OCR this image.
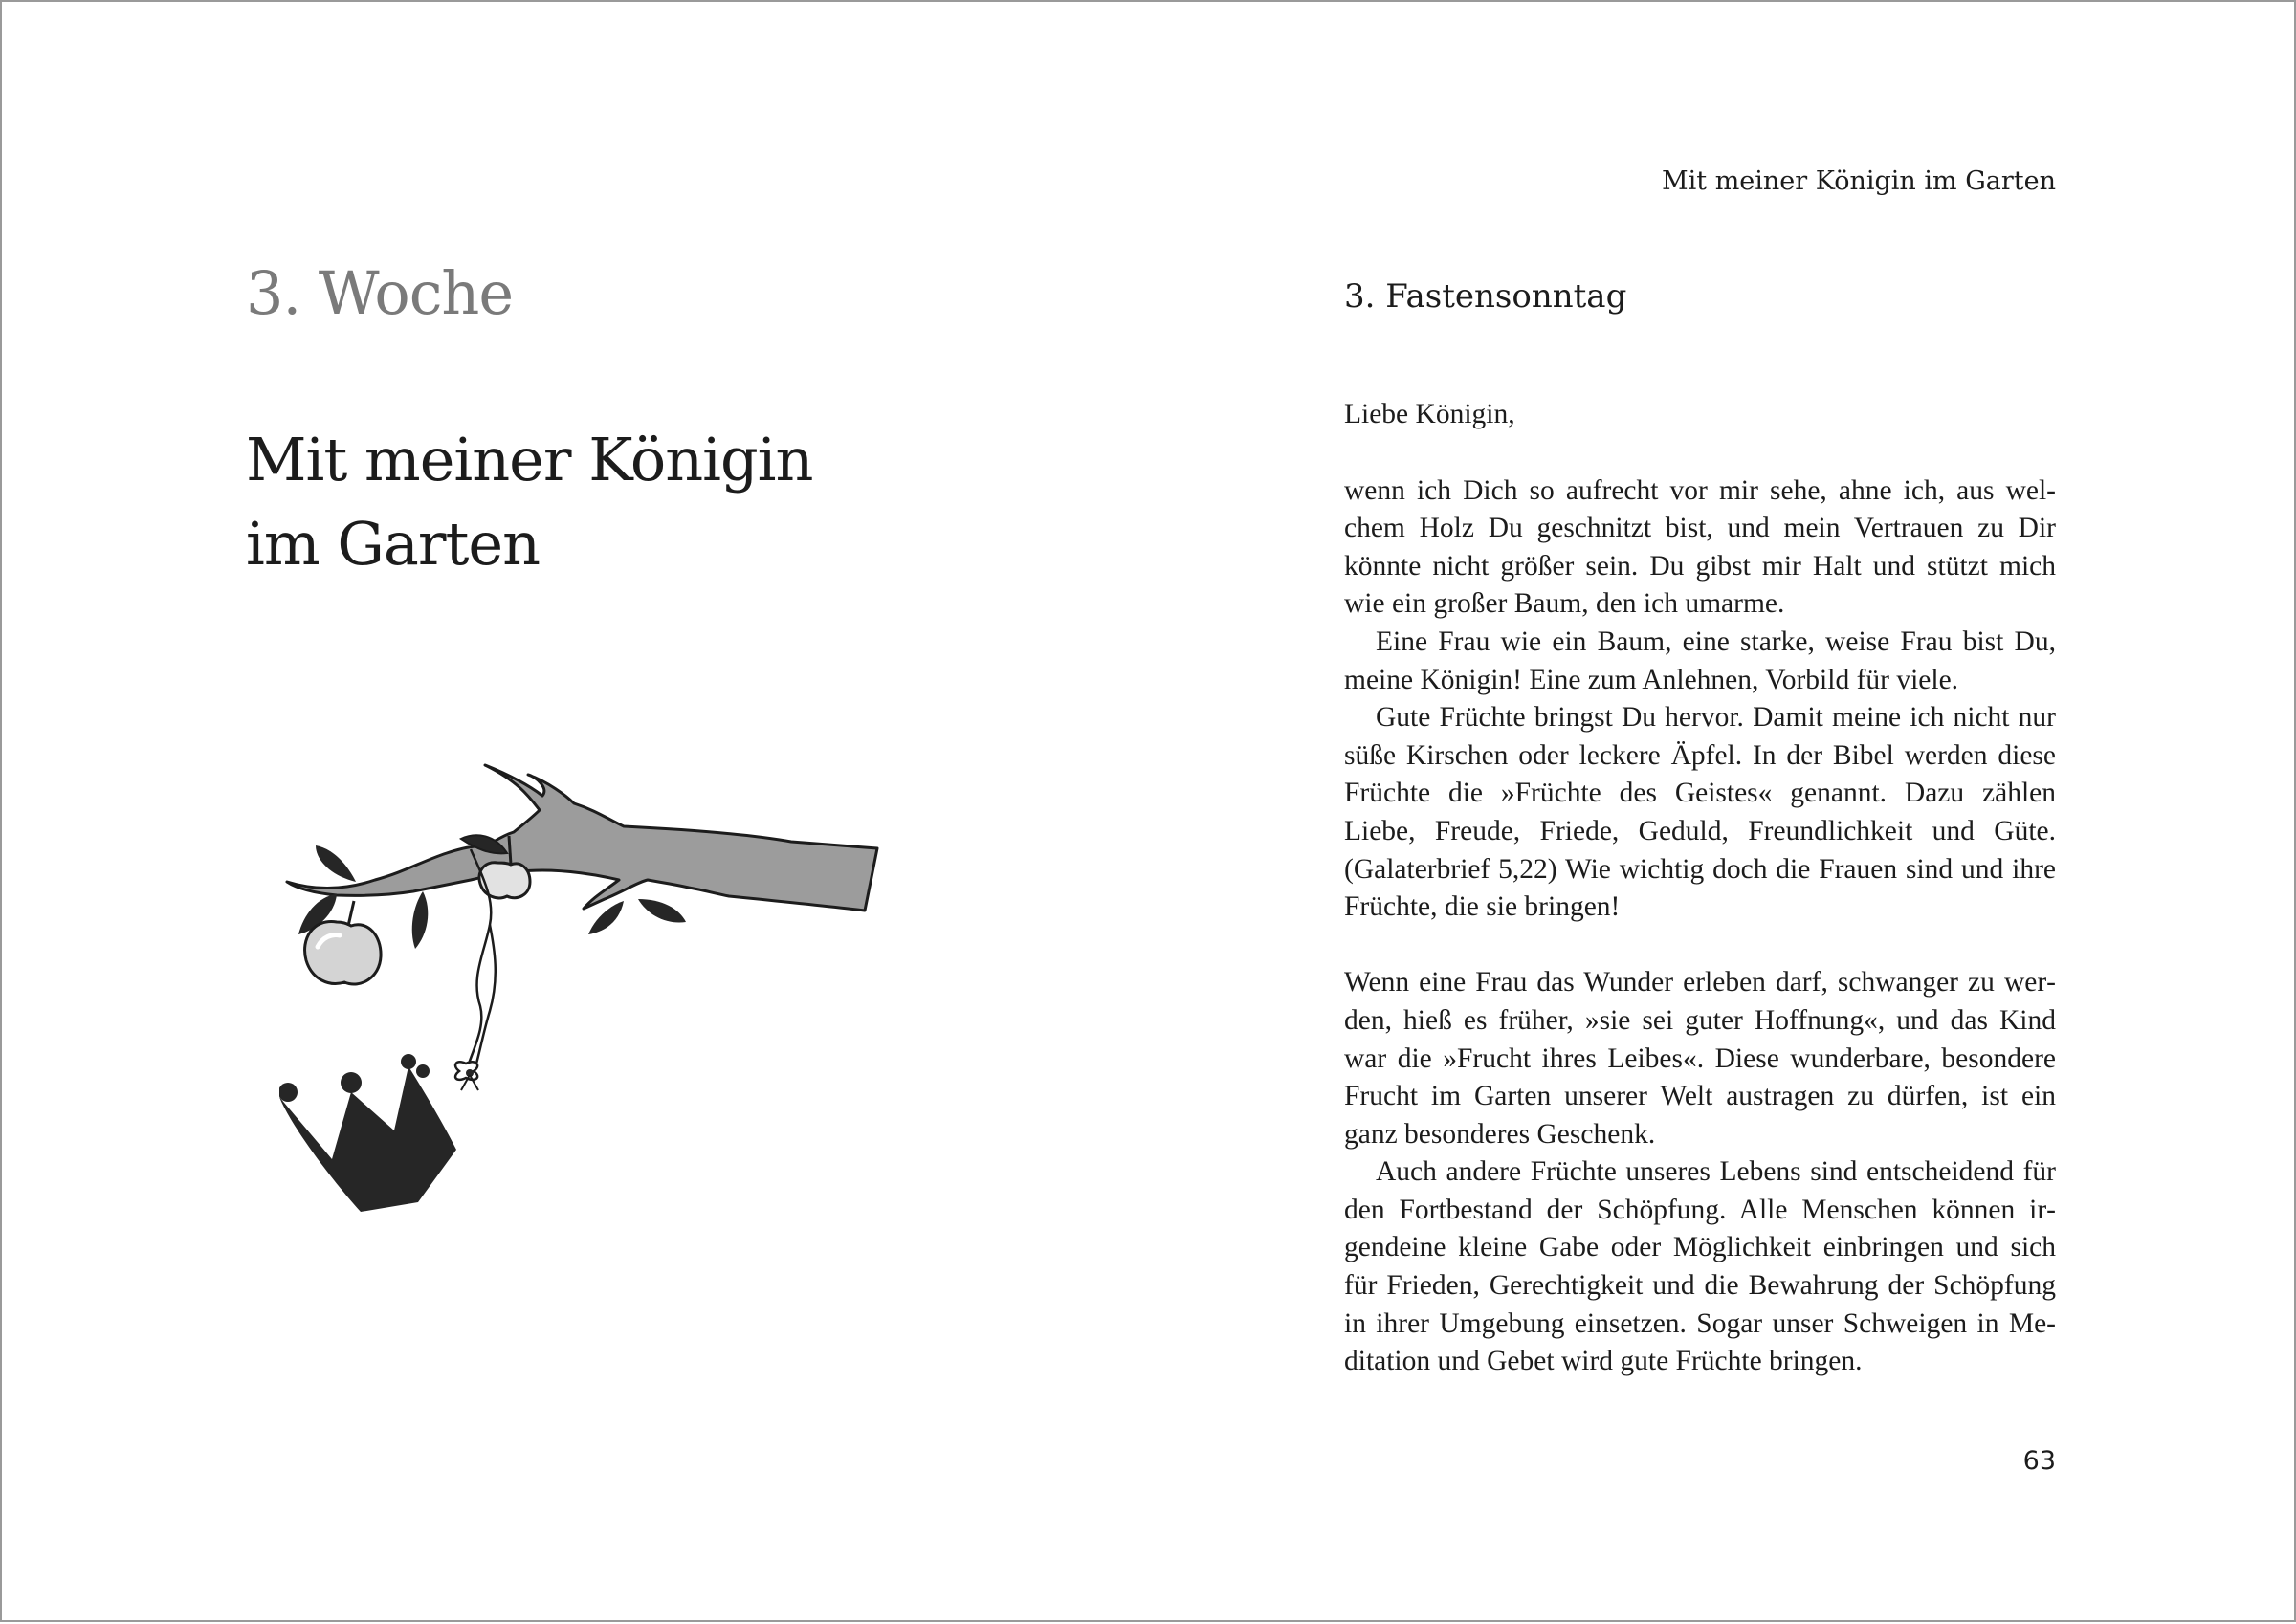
3. Woche
Mit meiner Königin
im Garten
Mit meiner Königin im Garten
3. Fastensonntag

Liebe Königin,

wenn ich Dich so aufrecht vor mir sehe, ahne ich, aus welchem Holz Du geschnitzt bist, und mein Vertrauen zu Dir könnte nicht größer sein. Du gibst mir Halt und stützt mich wie ein großer Baum, den ich umarme.

Eine Frau wie ein Baum, eine starke, weise Frau bist Du, meine Königin! Eine zum Anlehnen, Vorbild für viele.

Gute Früchte bringst Du hervor. Damit meine ich nicht nur süße Kirschen oder leckere Äpfel. In der Bibel werden diese Früchte die »Früchte des Geistes« genannt. Dazu zählen Liebe, Freude, Friede, Geduld, Freundlichkeit und Güte. (Galaterbrief 5,22) Wie wichtig doch die Frauen sind und ihre Früchte, die sie bringen!

Wenn eine Frau das Wunder erleben darf, schwanger zu werden, hieß es früher, »sie sei guter Hoffnung«, und das Kind war die »Frucht ihres Leibes«. Diese wunderbare, besondere Frucht im Garten unserer Welt austragen zu dürfen, ist ein ganz besonderes Geschenk.

Auch andere Früchte unseres Lebens sind entscheidend für den Fortbestand der Schöpfung. Alle Menschen können irgendeine kleine Gabe oder Möglichkeit einbringen und sich für Frieden, Gerechtigkeit und die Bewahrung der Schöpfung in ihrer Umgebung einsetzen. Sogar unser Schweigen in Meditation und Gebet wird gute Früchte bringen.

63
